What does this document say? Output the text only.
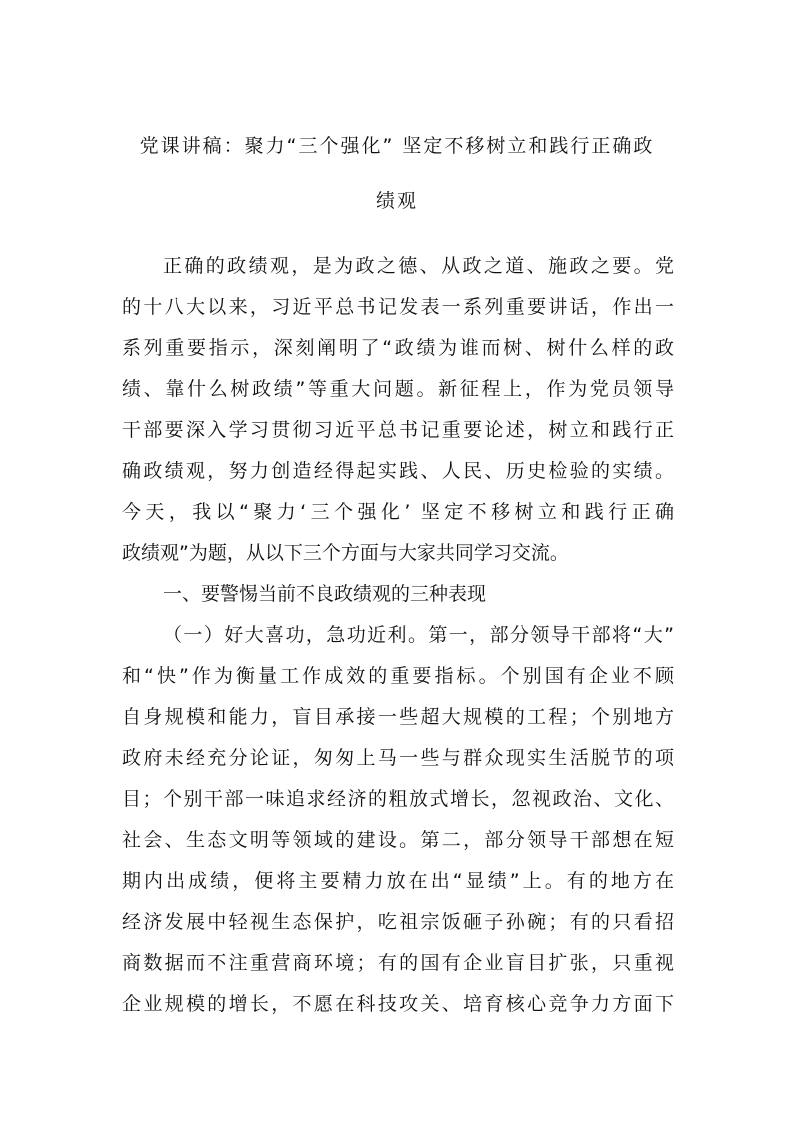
党课讲稿：聚力“三个强化” 坚定不移树立和践行正确政
绩观
正确的政绩观，是为政之德、从政之道、施政之要。党
的十八大以来，习近平总书记发表一系列重要讲话，作出一
系列重要指示，深刻阐明了“政绩为谁而树、树什么样的政
绩、靠什么树政绩”等重大问题。新征程上，作为党员领导
干部要深入学习贯彻习近平总书记重要论述，树立和践行正
确政绩观，努力创造经得起实践、人民、历史检验的实绩。
今天，我以“聚力‘三个强化’ 坚定不移树立和践行正确
政绩观”为题，从以下三个方面与大家共同学习交流。
一、要警惕当前不良政绩观的三种表现
（一）好大喜功，急功近利。第一，部分领导干部将“大”
和“快”作为衡量工作成效的重要指标。个别国有企业不顾
自身规模和能力，盲目承接一些超大规模的工程；个别地方
政府未经充分论证，匆匆上马一些与群众现实生活脱节的项
目；个别干部一味追求经济的粗放式增长，忽视政治、文化、
社会、生态文明等领域的建设。第二，部分领导干部想在短
期内出成绩，便将主要精力放在出“显绩”上。有的地方在
经济发展中轻视生态保护，吃祖宗饭砸子孙碗；有的只看招
商数据而不注重营商环境；有的国有企业盲目扩张，只重视
企业规模的增长，不愿在科技攻关、培育核心竞争力方面下
